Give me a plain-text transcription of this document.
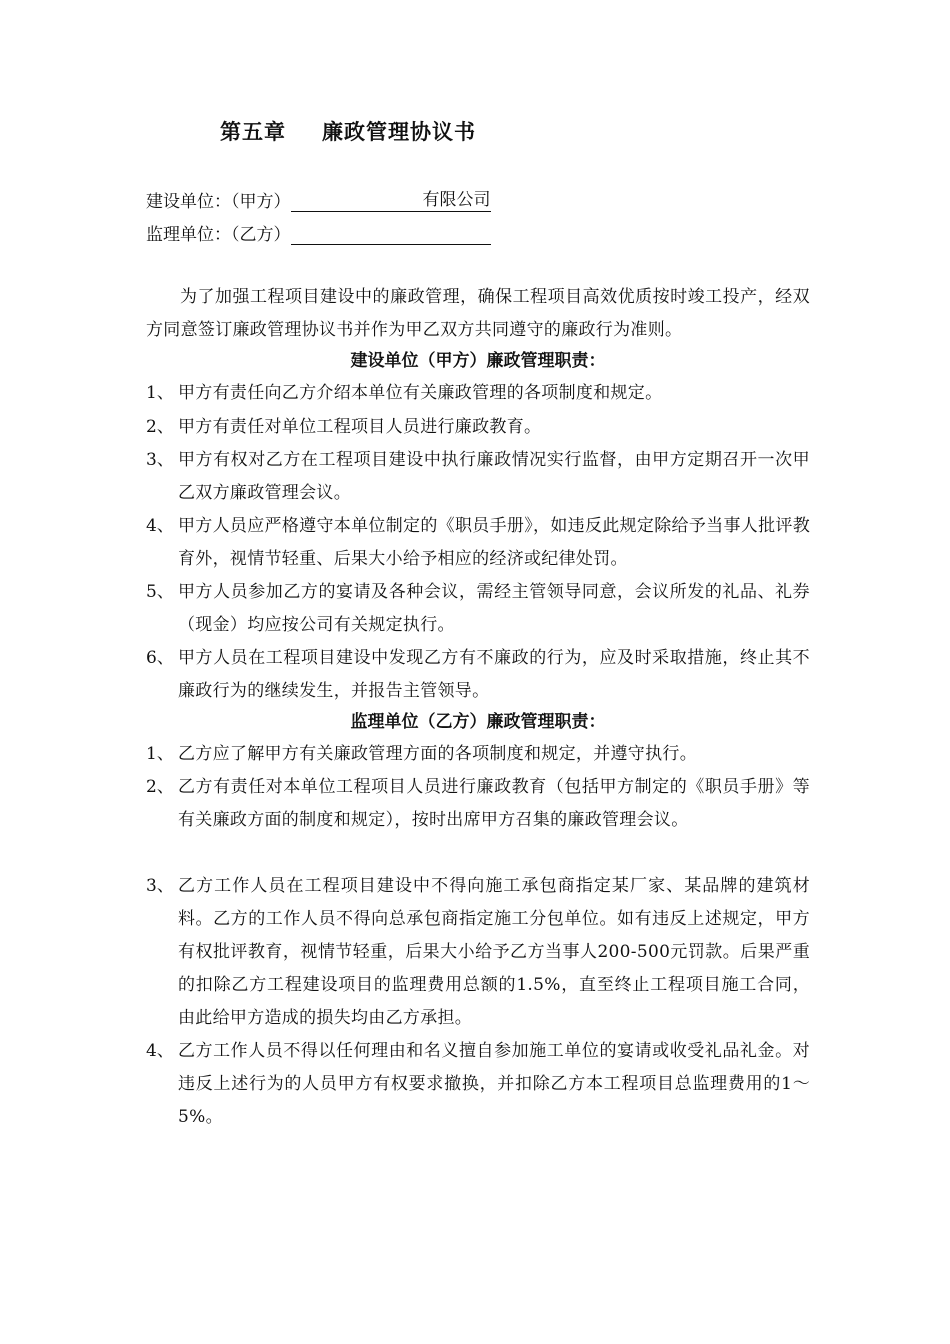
第五章 廉政管理协议书
建设单位：（甲方）	有限公司
监理单位：（乙方）
为了加强工程项目建设中的廉政管理，确保工程项目高效优质按时竣工投产，经双方同意签订廉政管理协议书并作为甲乙双方共同遵守的廉政行为准则。
建设单位（甲方）廉政管理职责：
1、 甲方有责任向乙方介绍本单位有关廉政管理的各项制度和规定。
2、 甲方有责任对单位工程项目人员进行廉政教育。
3、 甲方有权对乙方在工程项目建设中执行廉政情况实行监督，由甲方定期召开一次甲乙双方廉政管理会议。
4、 甲方人员应严格遵守本单位制定的《职员手册》，如违反此规定除给予当事人批评教育外，视情节轻重、后果大小给予相应的经济或纪律处罚。
5、 甲方人员参加乙方的宴请及各种会议，需经主管领导同意，会议所发的礼品、礼券（现金）均应按公司有关规定执行。
6、 甲方人员在工程项目建设中发现乙方有不廉政的行为，应及时采取措施，终止其不廉政行为的继续发生，并报告主管领导。
监理单位（乙方）廉政管理职责：
1、 乙方应了解甲方有关廉政管理方面的各项制度和规定，并遵守执行。
2、 乙方有责任对本单位工程项目人员进行廉政教育（包括甲方制定的《职员手册》等有关廉政方面的制度和规定），按时出席甲方召集的廉政管理会议。
3、 乙方工作人员在工程项目建设中不得向施工承包商指定某厂家、某品牌的建筑材料。乙方的工作人员不得向总承包商指定施工分包单位。如有违反上述规定，甲方有权批评教育，视情节轻重，后果大小给予乙方当事人200-500元罚款。后果严重的扣除乙方工程建设项目的监理费用总额的1.5%，直至终止工程项目施工合同，由此给甲方造成的损失均由乙方承担。
4、 乙方工作人员不得以任何理由和名义擅自参加施工单位的宴请或收受礼品礼金。对违反上述行为的人员甲方有权要求撤换，并扣除乙方本工程项目总监理费用的1～5%。
